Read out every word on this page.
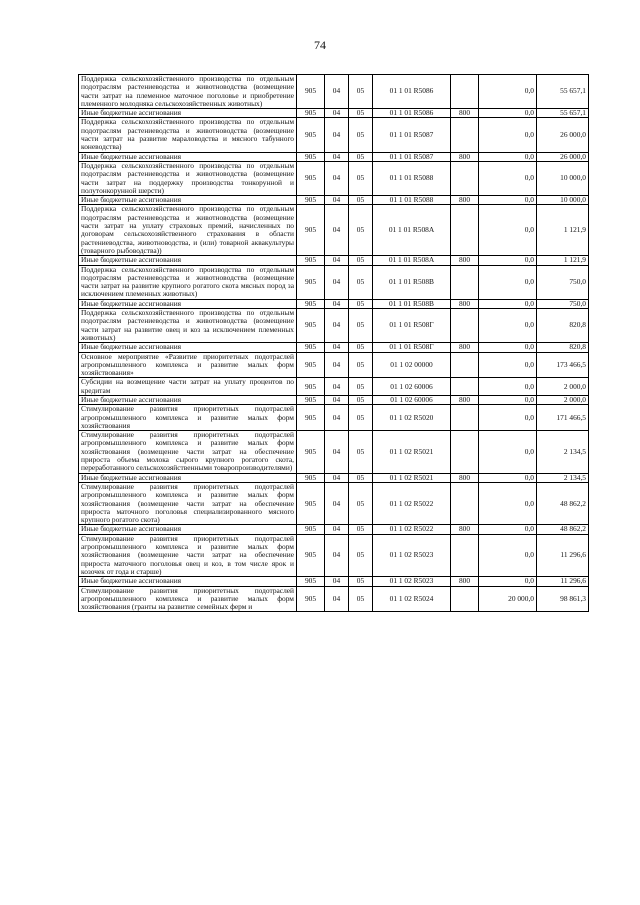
74
Поддержка сельскохозяйственного производства по отдельным подотраслям растениеводства и животноводства (возмещение части затрат на племенное маточное поголовье и приобретение племенного молодняка сельскохозяйственных животных)	905	04	05	01 1 01 R5086		0,0	55 657,1
Иные бюджетные ассигнования	905	04	05	01 1 01 R5086	800	0,0	55 657,1
Поддержка сельскохозяйственного производства по отдельным подотраслям растениеводства и животноводства (возмещение части затрат на развитие мараловодства и мясного табунного коневодства)	905	04	05	01 1 01 R5087		0,0	26 000,0
Иные бюджетные ассигнования	905	04	05	01 1 01 R5087	800	0,0	26 000,0
Поддержка сельскохозяйственного производства по отдельным подотраслям растениеводства и животноводства (возмещение части затрат на поддержку производства тонкорунной и полутонкорунной шерсти)	905	04	05	01 1 01 R5088		0,0	10 000,0
Иные бюджетные ассигнования	905	04	05	01 1 01 R5088	800	0,0	10 000,0
Поддержка сельскохозяйственного производства по отдельным подотраслям растениеводства и животноводства (возмещение части затрат на уплату страховых премий, начисленных по договорам сельскохозяйственного страхования в области растениеводства, животноводства, и (или) товарной аквакультуры (товарного рыбоводства))	905	04	05	01 1 01 R508А		0,0	1 121,9
Иные бюджетные ассигнования	905	04	05	01 1 01 R508А	800	0,0	1 121,9
Поддержка сельскохозяйственного производства по отдельным подотраслям растениеводства и животноводства (возмещение части затрат на развитие крупного рогатого скота мясных пород за исключением племенных животных)	905	04	05	01 1 01 R508В		0,0	750,0
Иные бюджетные ассигнования	905	04	05	01 1 01 R508В	800	0,0	750,0
Поддержка сельскохозяйственного производства по отдельным подотраслям растениеводства и животноводства (возмещение части затрат на развитие овец и коз за исключением племенных животных)	905	04	05	01 1 01 R508Г		0,0	820,8
Иные бюджетные ассигнования	905	04	05	01 1 01 R508Г	800	0,0	820,8
Основное мероприятие «Развитие приоритетных подотраслей агропромышленного комплекса и развитие малых форм хозяйствования»	905	04	05	01 1 02 00000		0,0	173 466,5
Субсидии на возмещение части затрат на уплату процентов по кредитам	905	04	05	01 1 02 60006		0,0	2 000,0
Иные бюджетные ассигнования	905	04	05	01 1 02 60006	800	0,0	2 000,0
Стимулирование развития приоритетных подотраслей агропромышленного комплекса и развитие малых форм хозяйствования	905	04	05	01 1 02 R5020		0,0	171 466,5
Стимулирование развития приоритетных подотраслей агропромышленного комплекса и развитие малых форм хозяйствования (возмещение части затрат на обеспечение прироста объема молока сырого крупного рогатого скота, переработанного сельскохозяйственными товаропроизводителями)	905	04	05	01 1 02 R5021		0,0	2 134,5
Иные бюджетные ассигнования	905	04	05	01 1 02 R5021	800	0,0	2 134,5
Стимулирование развития приоритетных подотраслей агропромышленного комплекса и развитие малых форм хозяйствования (возмещение части затрат на обеспечение прироста маточного поголовья специализированного мясного крупного рогатого скота)	905	04	05	01 1 02 R5022		0,0	48 862,2
Иные бюджетные ассигнования	905	04	05	01 1 02 R5022	800	0,0	48 862,2
Стимулирование развития приоритетных подотраслей агропромышленного комплекса и развитие малых форм хозяйствования (возмещение части затрат на обеспечение прироста маточного поголовья овец и коз, в том числе ярок и козочек от года и старше)	905	04	05	01 1 02 R5023		0,0	11 296,6
Иные бюджетные ассигнования	905	04	05	01 1 02 R5023	800	0,0	11 296,6
Стимулирование развития приоритетных подотраслей агропромышленного комплекса и развитие малых форм хозяйствования (гранты на развитие семейных ферм и	905	04	05	01 1 02 R5024		20 000,0	98 861,3
